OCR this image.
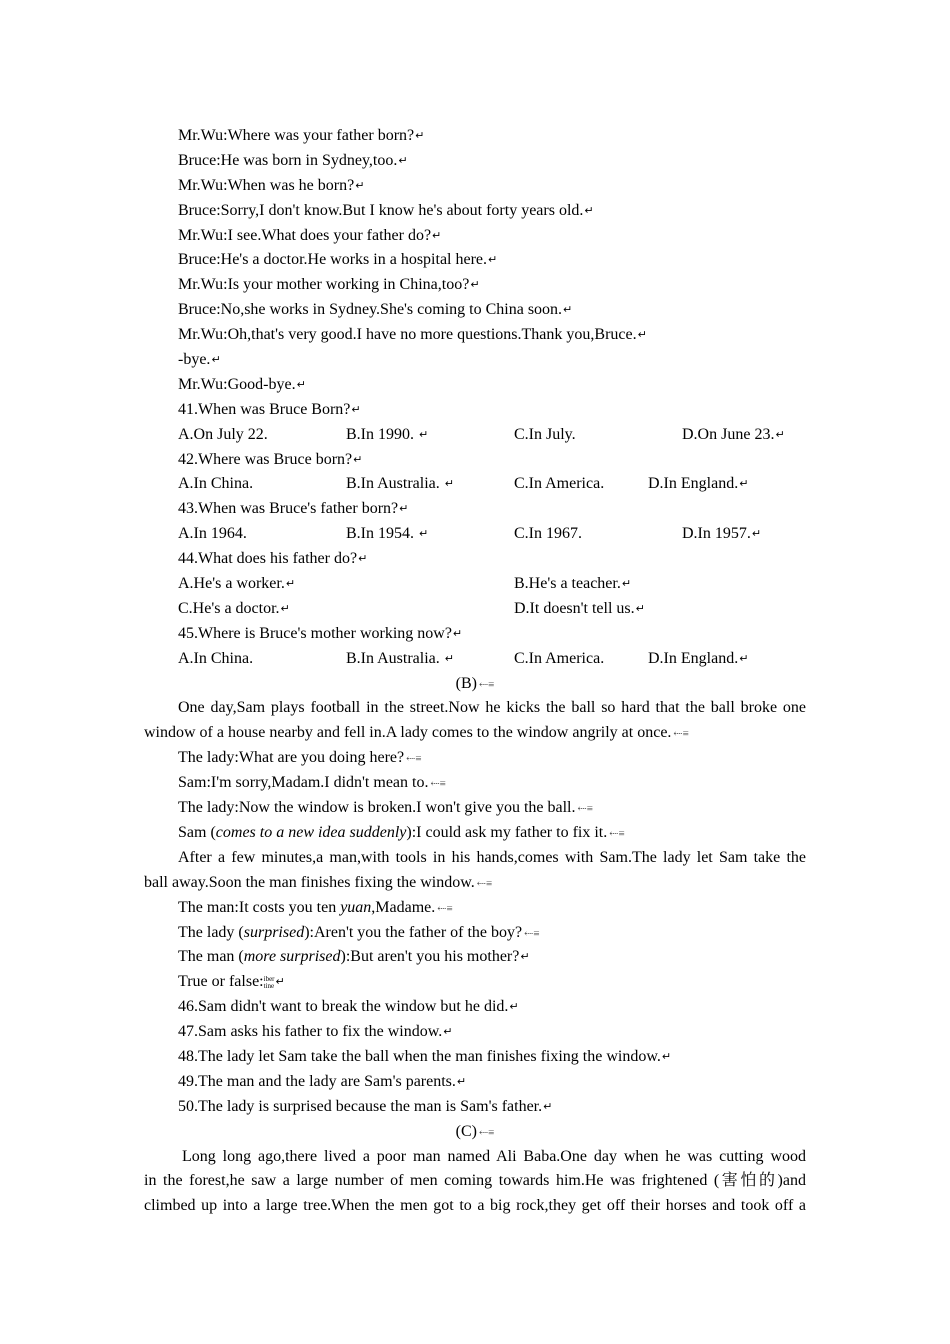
Mr.Wu:Where was your father born?↵
Bruce:He was born in Sydney,too.↵
Mr.Wu:When was he born?↵
Bruce:Sorry,I don't know.But I know he's about forty years old.↵
Mr.Wu:I see.What does your father do?↵
Bruce:He's a doctor.He works in a hospital here.↵
Mr.Wu:Is your mother working in China,too?↵
Bruce:No,she works in Sydney.She's coming to China soon.↵
Mr.Wu:Oh,that's very good.I have no more questions.Thank you,Bruce.↵
-bye.↵
Mr.Wu:Good-bye.↵
41.When was Bruce Born?↵
A.On July 22.	B.In 1990. ↵	C.In July.	D.On June 23.↵
42.Where was Bruce born?↵
A.In China.	B.In Australia. ↵	C.In America.	D.In England.↵
43.When was Bruce's father born?↵
A.In 1964.	B.In 1954. ↵	C.In 1967.	D.In 1957.↵
44.What does his father do?↵
A.He's a worker.↵	B.He's a teacher.↵
C.He's a doctor.↵	D.It doesn't tell us.↵
45.Where is Bruce's mother working now?↵
A.In China.	B.In Australia. ↵	C.In America.	D.In England.↵
(B) ⇠≡
One day,Sam plays football in the street.Now he kicks the ball so hard that the ball broke one
window of a house nearby and fell in.A lady comes to the window angrily at once. ⇠≡
The lady:What are you doing here? ⇠≡
Sam:I'm sorry,Madam.I didn't mean to. ⇠≡
The lady:Now the window is broken.I won't give you the ball. ⇠≡
Sam (comes to a new idea suddenly):I could ask my father to fix it. ⇠≡
After a few minutes,a man,with tools in his hands,comes with Sam.The lady let Sam take the
ball away.Soon the man finishes fixing the window. ⇠≡
The man:It costs you ten yuan,Madame. ⇠≡
The lady (surprised):Aren't you the father of the boy? ⇠≡
The man (more surprised):But aren't you his mother?↵
True or false:iber
tine↵
46.Sam didn't want to break the window but he did.↵
47.Sam asks his father to fix the window.↵
48.The lady let Sam take the ball when the man finishes fixing the window.↵
49.The man and the lady are Sam's parents.↵
50.The lady is surprised because the man is Sam's father.↵
(C) ⇠≡
Long long ago,there lived a poor man named Ali Baba.One day when he was cutting wood
in the forest,he saw a large number of men coming towards him.He was frightened (害怕的)and
climbed up into a large tree.When the men got to a big rock,they get off their horses and took off a
